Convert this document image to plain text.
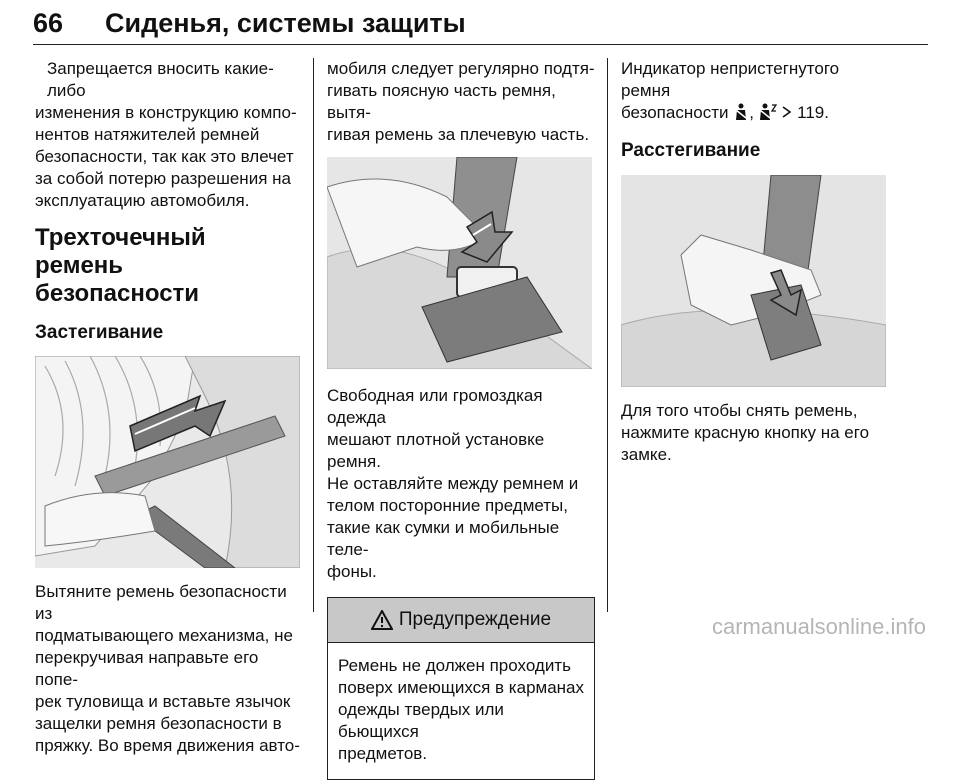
66 Сиденья, системы защиты

Запрещается вносить какие-либо

изменения в конструкцию компо-

нентов натяжителей ремней

безопасности, так как это влечет

за собой потерю разрешения на

эксплуатацию автомобиля.

Трехточечный ремень
безопасности
Застегивание

Вытяните ремень безопасности из

подматывающего механизма, не

перекручивая направьте его попе-

рек туловища и вставьте язычок

защелки ремня безопасности в

пряжку. Во время движения авто-

мобиля следует регулярно подтя-

гивать поясную часть ремня, вытя-

гивая ремень за плечевую часть.

Свободная или громоздкая одежда

мешают плотной установке ремня.

Не оставляйте между ремнем и

телом посторонние предметы,

такие как сумки и мобильные теле-

фоны.

Предупреждение
Ремень не должен проходить
поверх имеющихся в карманах
одежды твердых или бьющихся
предметов.

Индикатор непристегнутого ремня

безопасности ,	119.

Расстегивание

Для того чтобы снять ремень,

нажмите красную кнопку на его

замке.

carmanualsonline.info
